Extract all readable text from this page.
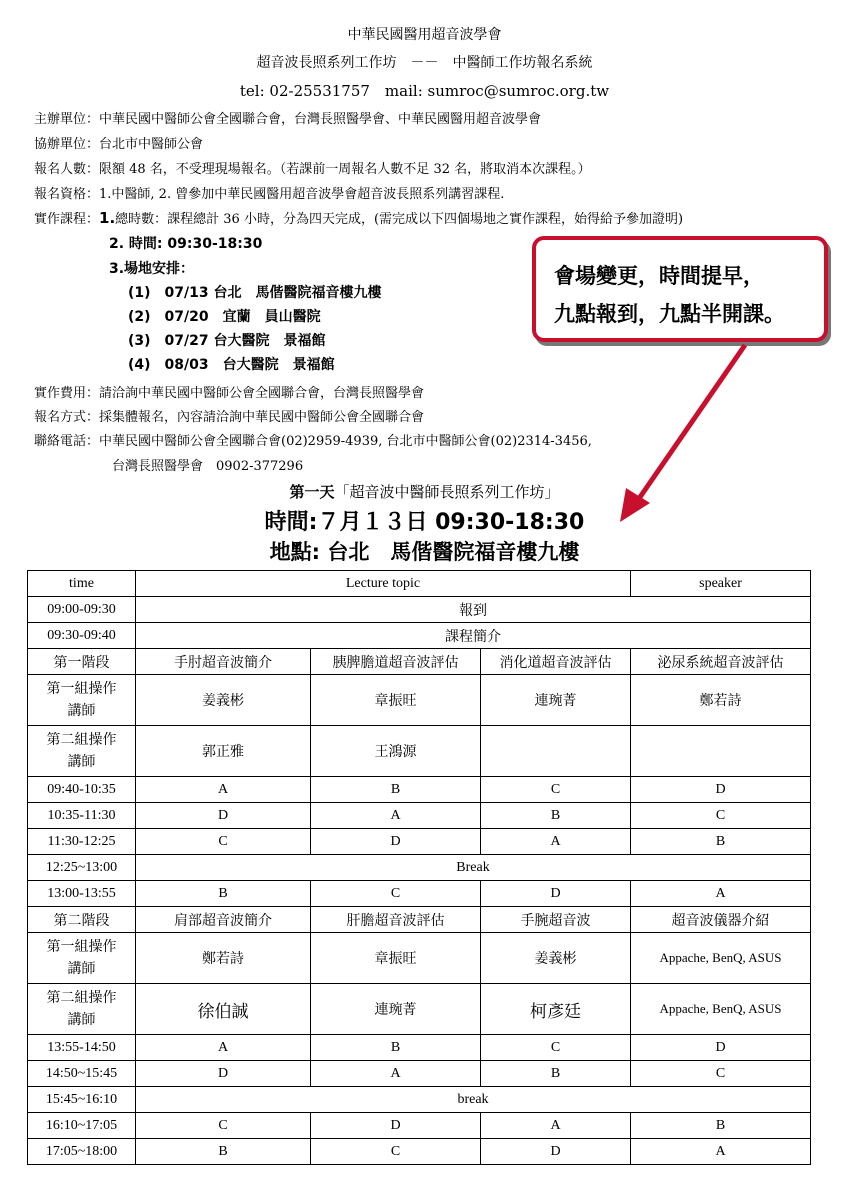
中華民國醫用超音波學會
超音波長照系列工作坊　－－　中醫師工作坊報名系統
tel: 02-25531757　mail: sumroc@sumroc.org.tw
主辦單位：中華民國中醫師公會全國聯合會，台灣長照醫學會、中華民國醫用超音波學會
協辦單位：台北市中醫師公會
報名人數：限額 48 名，不受理現場報名。（若課前一周報名人數不足 32 名，將取消本次課程。）
報名資格：1.中醫師, 2. 曾參加中華民國醫用超音波學會超音波長照系列講習課程.
實作課程：1.總時數：課程總計 36 小時，分為四天完成，(需完成以下四個場地之實作課程，始得給予參加證明)
2. 時間: 09:30-18:30
3.場地安排：
(1)　07/13 台北　馬偕醫院福音樓九樓
(2)　07/20　宜蘭　員山醫院
(3)　07/27 台大醫院　景福館
(4)　08/03　台大醫院　景福館
實作費用：請洽詢中華民國中醫師公會全國聯合會，台灣長照醫學會
報名方式：採集體報名，內容請洽詢中華民國中醫師公會全國聯合會
聯絡電話：中華民國中醫師公會全國聯合會(02)2959-4939, 台北市中醫師公會(02)2314-3456,
台灣長照醫學會　0902-377296
會場變更，時間提早，
九點報到，九點半開課。
第一天「超音波中醫師長照系列工作坊」
時間:７月１３日 09:30-18:30
地點: 台北　馬偕醫院福音樓九樓
time	Lecture topic			speaker
09:00-09:30	報到			
09:30-09:40	課程簡介			
第一階段	手肘超音波簡介	胰脾膽道超音波評估	消化道超音波評估	泌尿系統超音波評估
第一組操作
講師	姜義彬	章振旺	連琬菁	鄭若詩
第二組操作
講師	郭正雅	王鴻源		
09:40-10:35	A	B	C	D
10:35-11:30	D	A	B	C
11:30-12:25	C	D	A	B
12:25~13:00	Break			
13:00-13:55	B	C	D	A
第二階段	肩部超音波簡介	肝膽超音波評估	手腕超音波	超音波儀器介紹
第一組操作
講師	鄭若詩	章振旺	姜義彬	Appache, BenQ, ASUS
第二組操作
講師	徐伯誠	連琬菁	柯彥廷	Appache, BenQ, ASUS
13:55-14:50	A	B	C	D
14:50~15:45	D	A	B	C
15:45~16:10	break			
16:10~17:05	C	D	A	B
17:05~18:00	B	C	D	A
